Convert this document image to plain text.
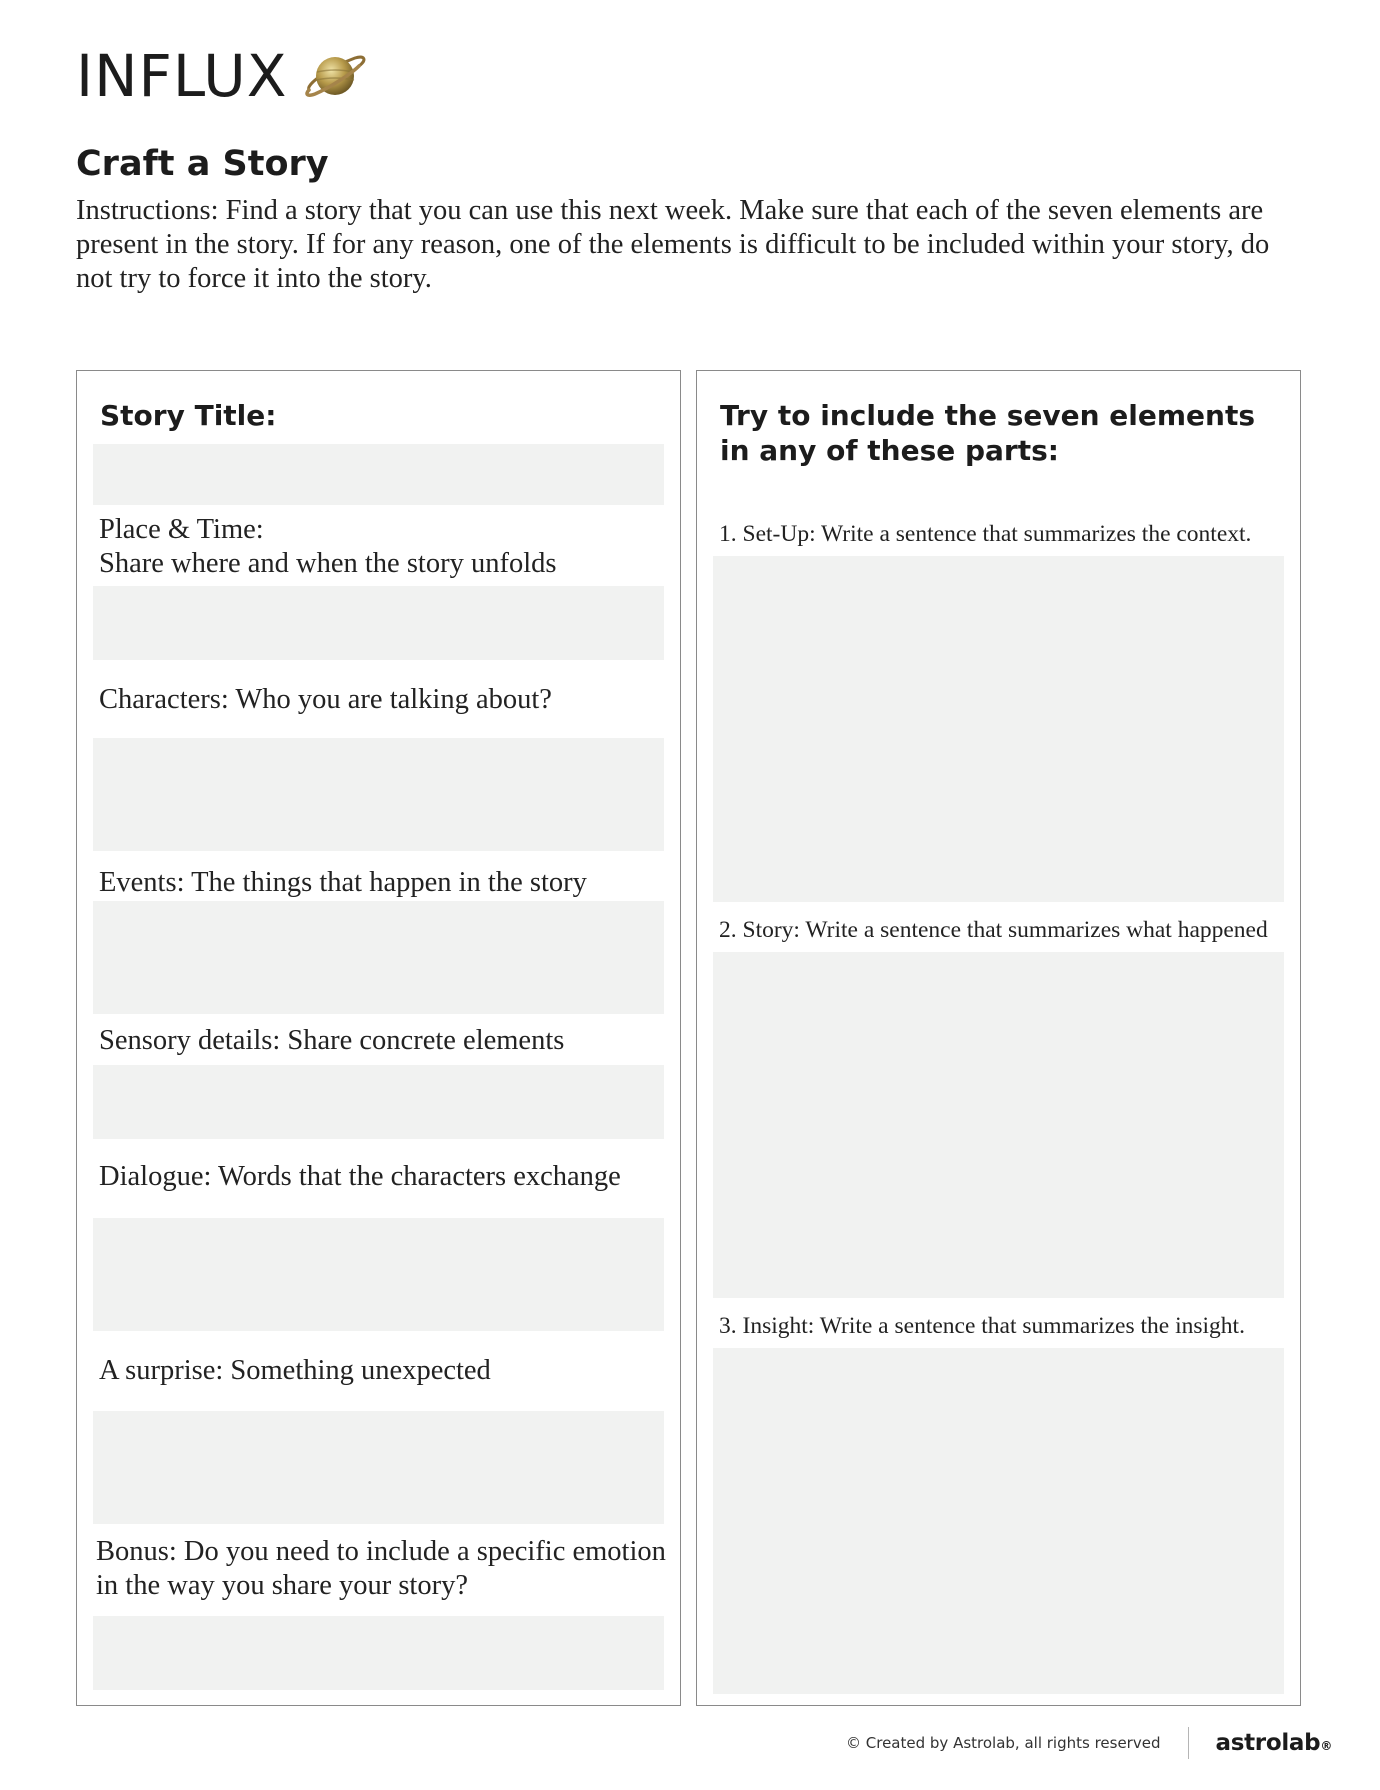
INFLUX
Craft a Story
Instructions: Find a story that you can use this next week. Make sure that each of the seven elements are present in the story. If for any reason, one of the elements is difficult to be included within your story, do not try to force it into the story.
Story Title:
Place & Time:
Share where and when the story unfolds
Characters: Who you are talking about?
Events: The things that happen in the story
Sensory details: Share concrete elements
Dialogue: Words that the characters exchange
A surprise: Something unexpected
Bonus: Do you need to include a specific emotion
in the way you share your story?
Try to include the seven elements in any of these parts:
1. Set-Up: Write a sentence that summarizes the context.
2. Story: Write a sentence that summarizes what happened
3. Insight: Write a sentence that summarizes the insight.
© Created by Astrolab, all rights reserved astrolab®
